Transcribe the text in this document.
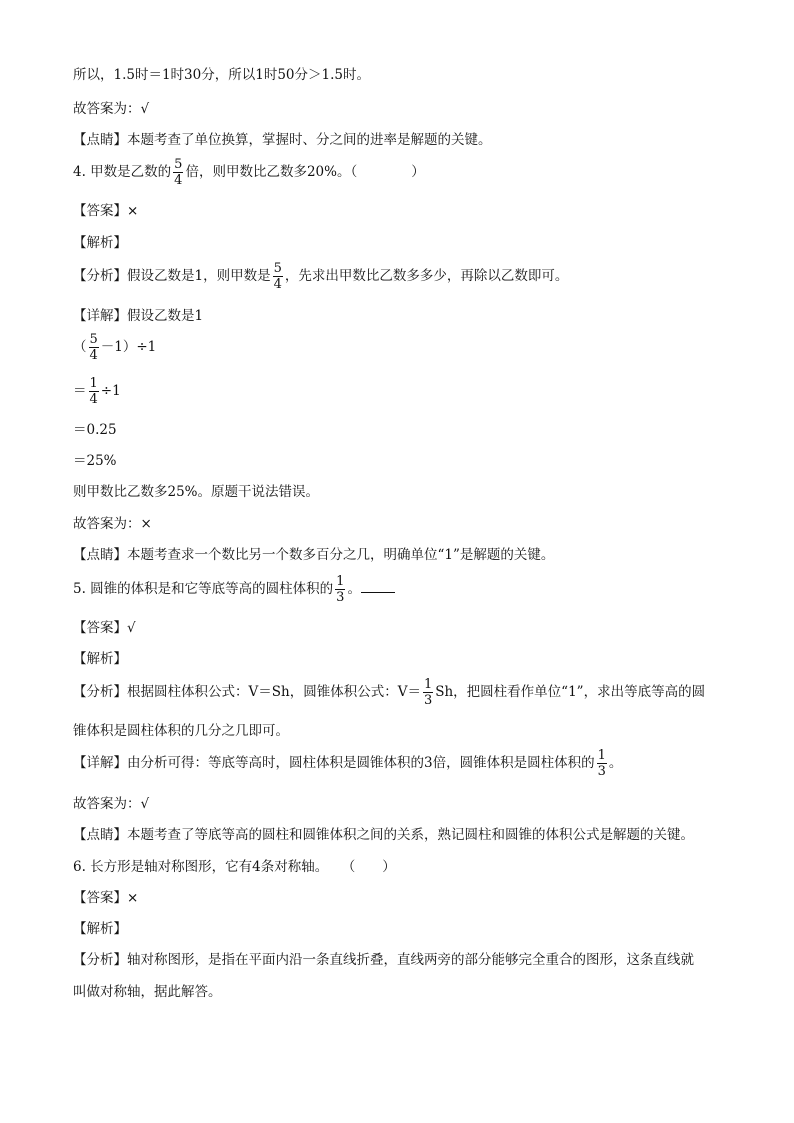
所以，1.5时＝1时30分，所以1时50分＞1.5时。
故答案为：√
【点睛】本题考查了单位换算，掌握时、分之间的进率是解题的关键。
4. 甲数是乙数的 $\frac{5}{4}$ 倍，则甲数比乙数多20%。（　　　　）
【答案】×
【解析】
【分析】假设乙数是1，则甲数是 $\frac{5}{4}$ ，先求出甲数比乙数多多少，再除以乙数即可。
【详解】假设乙数是1
（ $\frac{5}{4} -1)\div 1$
＝ $\frac{1}{4} \div 1$
＝0.25
＝25%
则甲数比乙数多25%。原题干说法错误。
故答案为：×
【点睛】本题考查求一个数比另一个数多百分之几，明确单位“1”是解题的关键。
5. 圆锥的体积是和它等底等高的圆柱体积的 $\frac{1}{3}$ 。
【答案】√
【解析】
【分析】根据圆柱体积公式：V＝Sh，圆锥体积公式：$V= \frac{1}{3}$ Sh，把圆柱看作单位“1”，求出等底等高的圆
锥体积是圆柱体积的几分之几即可。
【详解】由分析可得：等底等高时，圆柱体积是圆锥体积的3倍，圆锥体积是圆柱体积的 $\frac{1}{3}$ 。
故答案为：√
【点睛】本题考查了等底等高的圆柱和圆锥体积之间的关系，熟记圆柱和圆锥的体积公式是解题的关键。
6. 长方形是轴对称图形，它有4条对称轴。　　（　　）
【答案】×
【解析】
【分析】轴对称图形，是指在平面内沿一条直线折叠，直线两旁的部分能够完全重合的图形，这条直线就
叫做对称轴，据此解答。
